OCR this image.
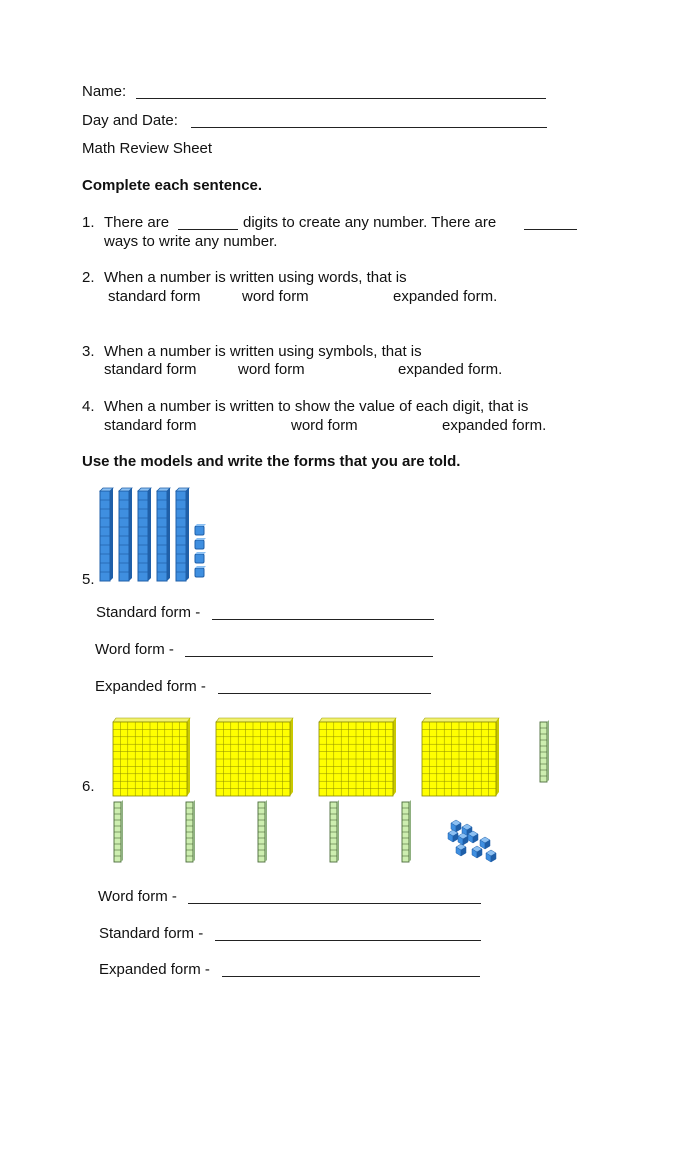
Name:
Day and Date:
Math Review Sheet
Complete each sentence.
1. There are	digits to create any number. There are
ways to write any number.
2. When a number is written using words, that is
standard form	word form	expanded form.
3. When a number is written using symbols, that is
standard form	word form	expanded form.
4. When a number is written to show the value of each digit, that is
standard form	word form	expanded form.
Use the models and write the forms that you are told.
5.
Standard form -
Word form -
Expanded form -
6.
Word form -
Standard form -
Expanded form -
